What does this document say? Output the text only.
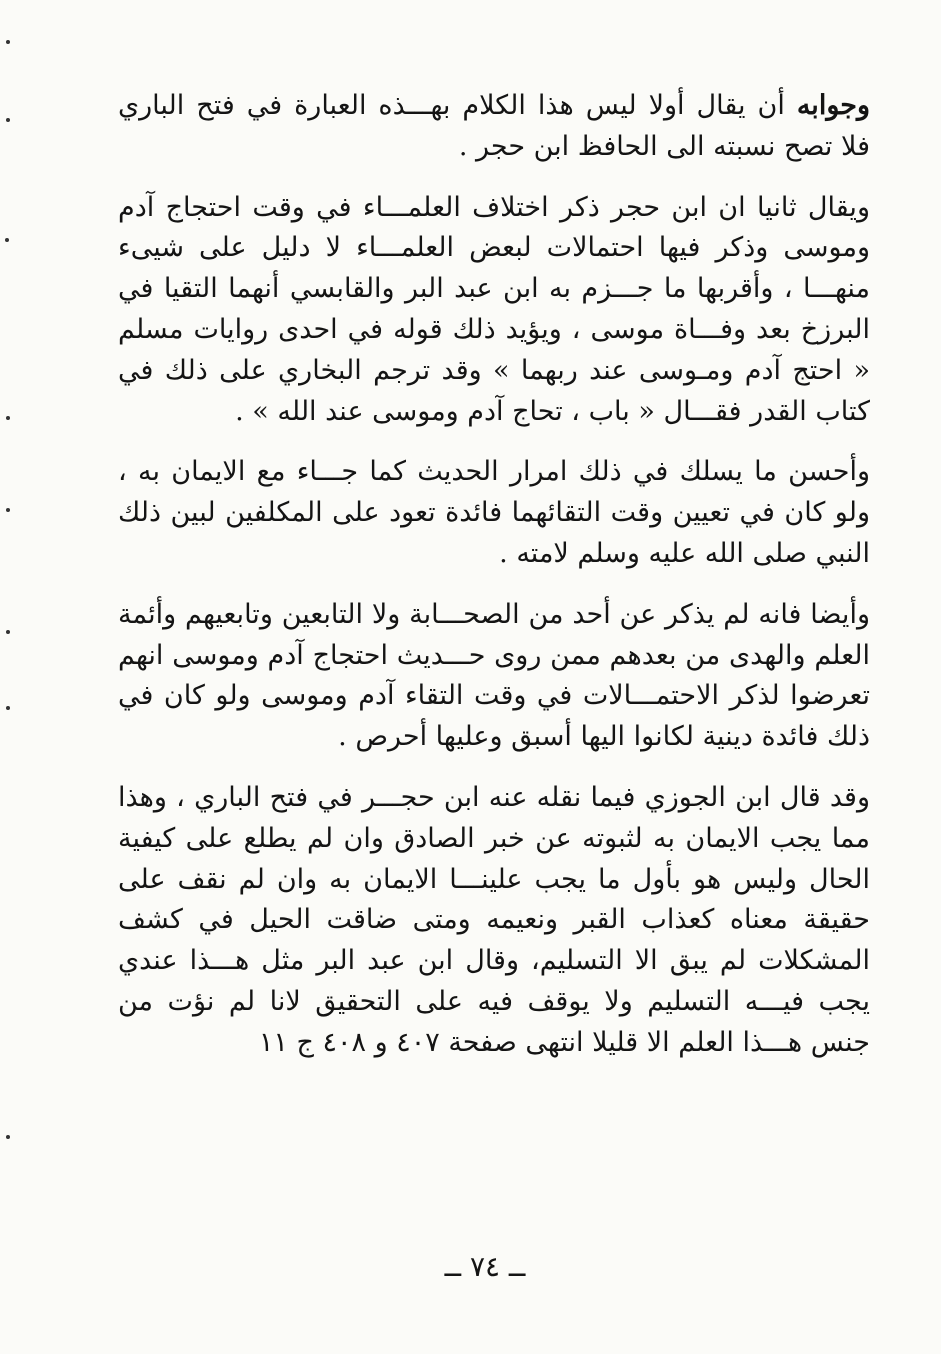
وجوابه أن يقال أولا ليس هذا الكلام بهـــذه العبارة في فتح الباري فلا تصح نسبته الى الحافظ ابن حجر .

ويقال ثانيا ان ابن حجر ذكر اختلاف العلمـــاء في وقت احتجاج آدم وموسى وذكر فيها احتمالات لبعض العلمـــاء لا دليل على شيىء منهـــا ، وأقربها ما جـــزم به ابن عبد البر والقابسي أنهما التقيا في البرزخ بعد وفـــاة موسى ، ويؤيد ذلك قوله في احدى روايات مسلم « احتج آدم ومـوسى عند ربهما » وقد ترجم البخاري على ذلك في كتاب القدر فقـــال « باب ، تحاج آدم وموسى عند الله » .

وأحسن ما يسلك في ذلك امرار الحديث كما جـــاء مع الايمان به ، ولو كان في تعيين وقت التقائهما فائدة تعود على المكلفين لبين ذلك النبي صلى الله عليه وسلم لامته .

وأيضا فانه لم يذكر عن أحد من الصحـــابة ولا التابعين وتابعيهم وأئمة العلم والهدى من بعدهم ممن روى حـــديث احتجاج آدم وموسى انهم تعرضوا لذكر الاحتمـــالات في وقت التقاء آدم وموسى ولو كان في ذلك فائدة دينية لكانوا اليها أسبق وعليها أحرص .

وقد قال ابن الجوزي فيما نقله عنه ابن حجـــر في فتح الباري ، وهذا مما يجب الايمان به لثبوته عن خبر الصادق وان لم يطلع على كيفية الحال وليس هو بأول ما يجب علينـــا الايمان به وان لم نقف على حقيقة معناه كعذاب القبر ونعيمه ومتى ضاقت الحيل في كشف المشكلات لم يبق الا التسليم، وقال ابن عبد البر مثل هـــذا عندي يجب فيـــه التسليم ولا يوقف فيه على التحقيق لانا لم نؤت من جنس هـــذا العلم الا قليلا انتهى صفحة ٤٠٧ و ٤٠٨ ج ١١

ــ ٧٤ ــ
